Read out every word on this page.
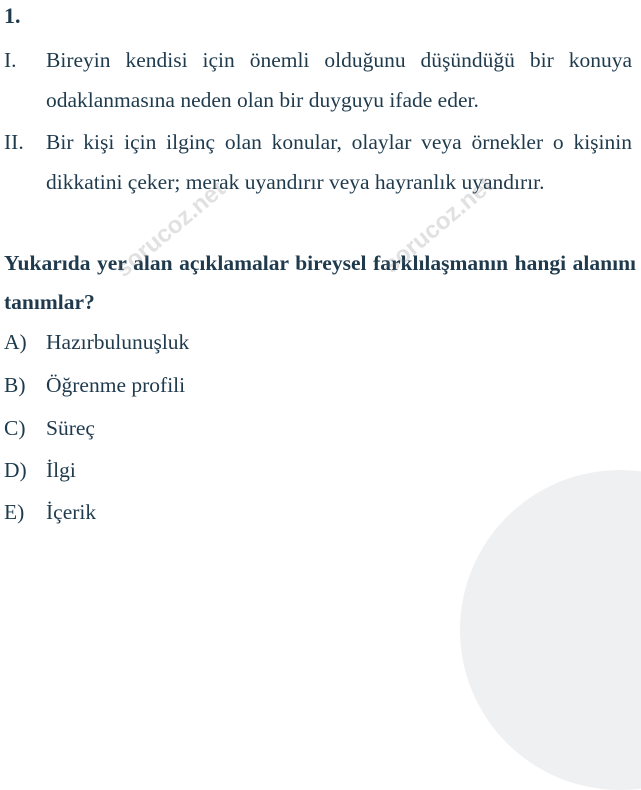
1.
I. Bireyin kendisi için önemli olduğunu düşündüğü bir konuya odaklanmasına neden olan bir duyguyu ifade eder.
II. Bir kişi için ilginç olan konular, olaylar veya örnekler o kişinin dikkatini çeker; merak uyandırır veya hayranlık uyandırır.
Yukarıda yer alan açıklamalar bireysel farklılaşmanın hangi alanını tanımlar?
A) Hazırbulunuşluk
B) Öğrenme profili
C) Süreç
D) İlgi
E) İçerik
sorucoz.net	sorucoz.net
